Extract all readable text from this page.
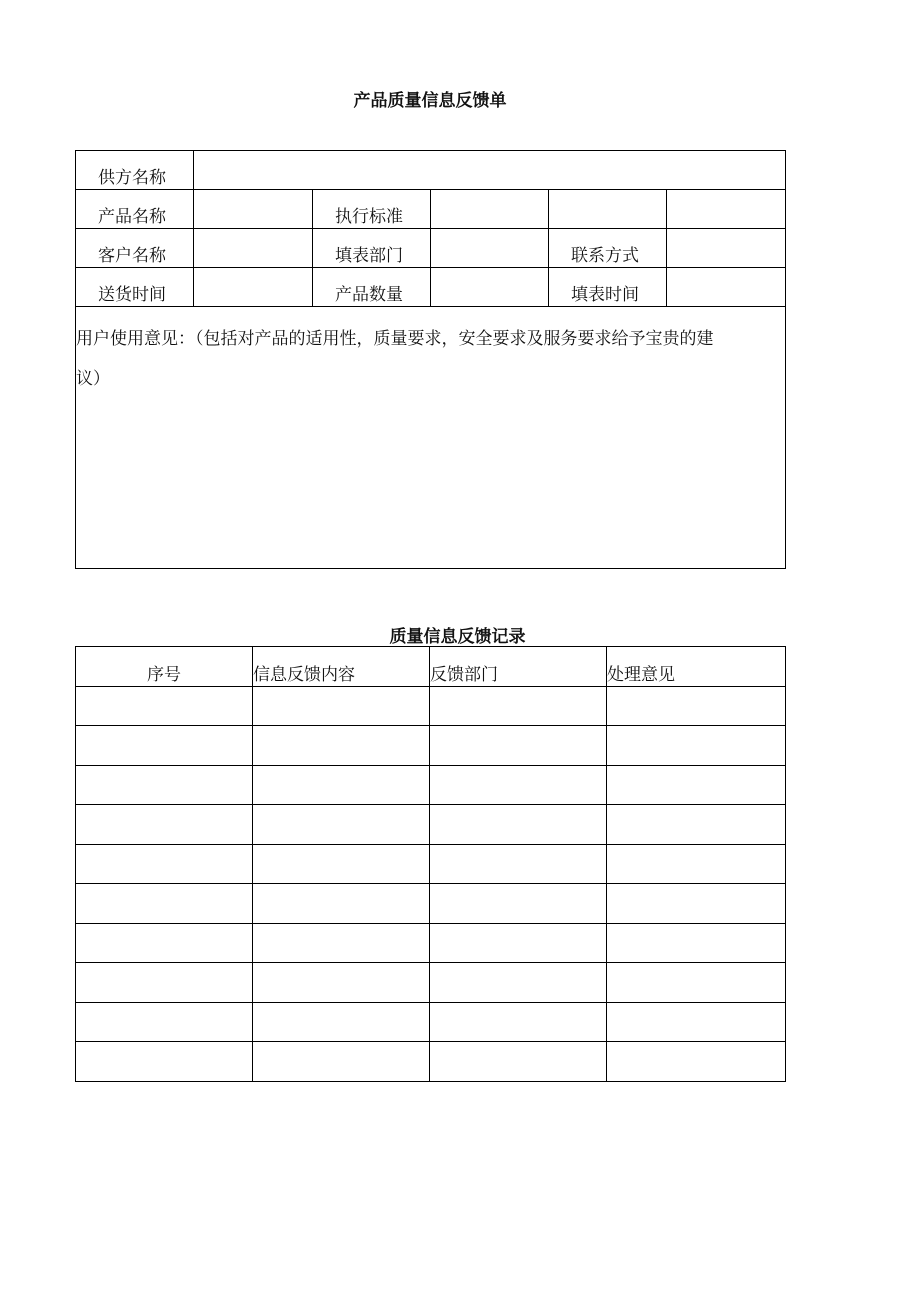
产品质量信息反馈单
供方名称					
产品名称		执行标准			
客户名称		填表部门		联系方式	
送货时间		产品数量		填表时间	

用户使用意见：（包括对产品的适用性，质量要求，安全要求及服务要求给予宝贵的建议）					
质量信息反馈记录
序号	信息反馈内容	反馈部门	处理意见
